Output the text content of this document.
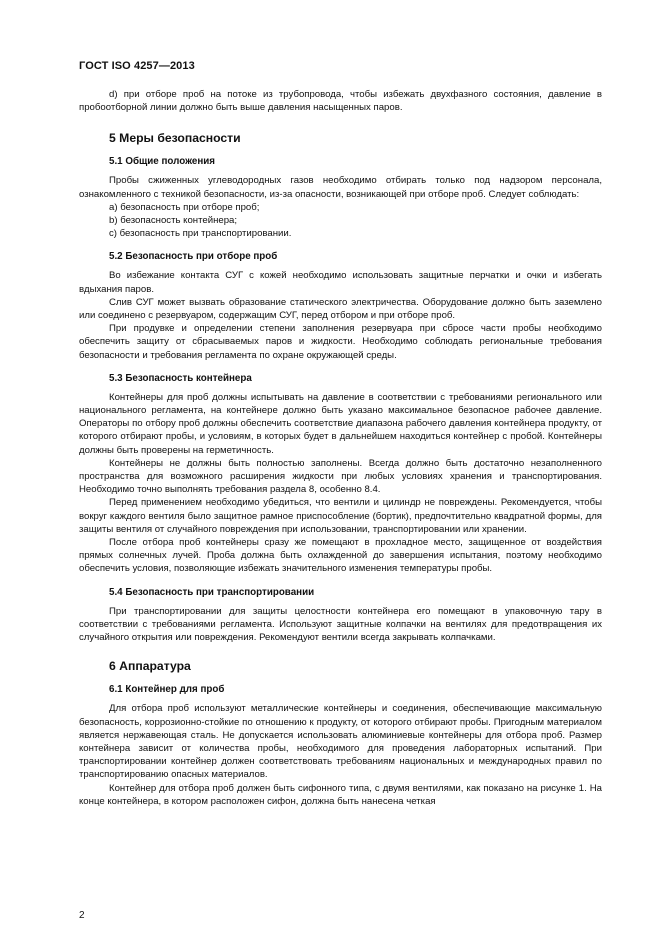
ГОСТ ISO 4257—2013

d) при отборе проб на потоке из трубопровода, чтобы избежать двухфазного состояния, давление в пробоотборной линии должно быть выше давления насыщенных паров.

5 Меры безопасности
5.1 Общие положения

Пробы сжиженных углеводородных газов необходимо отбирать только под надзором персонала, ознакомленного с техникой безопасности, из-за опасности, возникающей при отборе проб. Следует соблюдать:

a) безопасность при отборе проб;

b) безопасность контейнера;

c) безопасность при транспортировании.

5.2 Безопасность при отборе проб

Во избежание контакта СУГ с кожей необходимо использовать защитные перчатки и очки и избегать вдыхания паров.

Слив СУГ может вызвать образование статического электричества. Оборудование должно быть заземлено или соединено с резервуаром, содержащим СУГ, перед отбором и при отборе проб.

При продувке и определении степени заполнения резервуара при сбросе части пробы необходимо обеспечить защиту от сбрасываемых паров и жидкости. Необходимо соблюдать региональные требования безопасности и требования регламента по охране окружающей среды.

5.3 Безопасность контейнера

Контейнеры для проб должны испытывать на давление в соответствии с требованиями регионального или национального регламента, на контейнере должно быть указано максимальное безопасное рабочее давление. Операторы по отбору проб должны обеспечить соответствие диапазона рабочего давления контейнера продукту, от которого отбирают пробы, и условиям, в которых будет в дальнейшем находиться контейнер с пробой. Контейнеры должны быть проверены на герметичность.

Контейнеры не должны быть полностью заполнены. Всегда должно быть достаточно незаполненного пространства для возможного расширения жидкости при любых условиях хранения и транспортирования. Необходимо точно выполнять требования раздела 8, особенно 8.4.

Перед применением необходимо убедиться, что вентили и цилиндр не повреждены. Рекомендуется, чтобы вокруг каждого вентиля было защитное рамное приспособление (бортик), предпочтительно квадратной формы, для защиты вентиля от случайного повреждения при использовании, транспортировании или хранении.

После отбора проб контейнеры сразу же помещают в прохладное место, защищенное от воздействия прямых солнечных лучей. Проба должна быть охлажденной до завершения испытания, поэтому необходимо обеспечить условия, позволяющие избежать значительного изменения температуры пробы.

5.4 Безопасность при транспортировании

При транспортировании для защиты целостности контейнера его помещают в упаковочную тару в соответствии с требованиями регламента. Используют защитные колпачки на вентилях для предотвращения их случайного открытия или повреждения. Рекомендуют вентили всегда закрывать колпачками.

6 Аппаратура
6.1 Контейнер для проб

Для отбора проб используют металлические контейнеры и соединения, обеспечивающие максимальную безопасность, коррозионно-стойкие по отношению к продукту, от которого отбирают пробы. Пригодным материалом является нержавеющая сталь. Не допускается использовать алюминиевые контейнеры для отбора проб. Размер контейнера зависит от количества пробы, необходимого для проведения лабораторных испытаний. При транспортировании контейнер должен соответствовать требованиям национальных и международных правил по транспортированию опасных материалов.

Контейнер для отбора проб должен быть сифонного типа, с двумя вентилями, как показано на рисунке 1. На конце контейнера, в котором расположен сифон, должна быть нанесена четкая

2
